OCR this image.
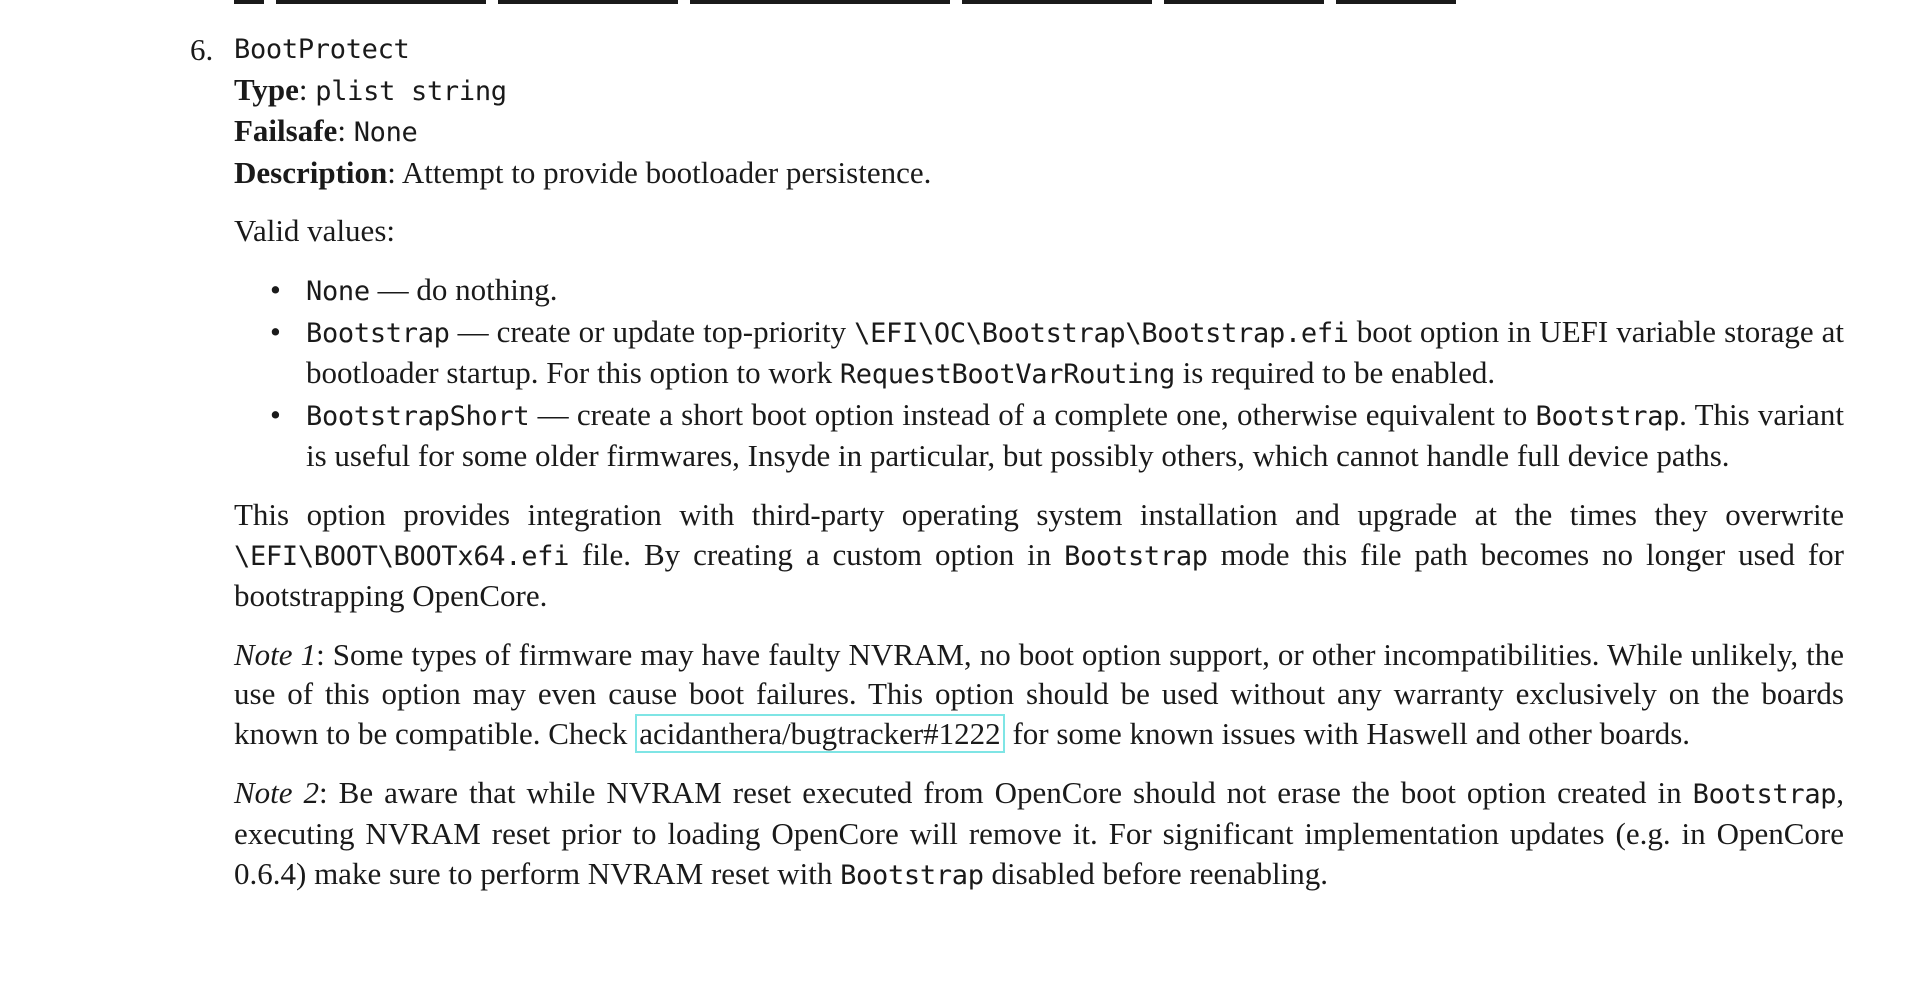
6. BootProtect
Type: plist string
Failsafe: None
Description: Attempt to provide bootloader persistence.

Valid values:

• None — do nothing.
• Bootstrap — create or update top-priority \EFI\OC\Bootstrap\Bootstrap.efi boot option in UEFI variable storage at bootloader startup. For this option to work RequestBootVarRouting is required to be enabled.
• BootstrapShort — create a short boot option instead of a complete one, otherwise equivalent to Bootstrap. This variant is useful for some older firmwares, Insyde in particular, but possibly others, which cannot handle full device paths.

This option provides integration with third-party operating system installation and upgrade at the times they overwrite \EFI\BOOT\BOOTx64.efi file. By creating a custom option in Bootstrap mode this file path becomes no longer used for bootstrapping OpenCore.

Note 1: Some types of firmware may have faulty NVRAM, no boot option support, or other incompatibilities. While unlikely, the use of this option may even cause boot failures. This option should be used without any warranty exclusively on the boards known to be compatible. Check acidanthera/bugtracker#1222 for some known issues with Haswell and other boards.

Note 2: Be aware that while NVRAM reset executed from OpenCore should not erase the boot option created in Bootstrap, executing NVRAM reset prior to loading OpenCore will remove it. For significant implementation updates (e.g. in OpenCore 0.6.4) make sure to perform NVRAM reset with Bootstrap disabled before reenabling.
